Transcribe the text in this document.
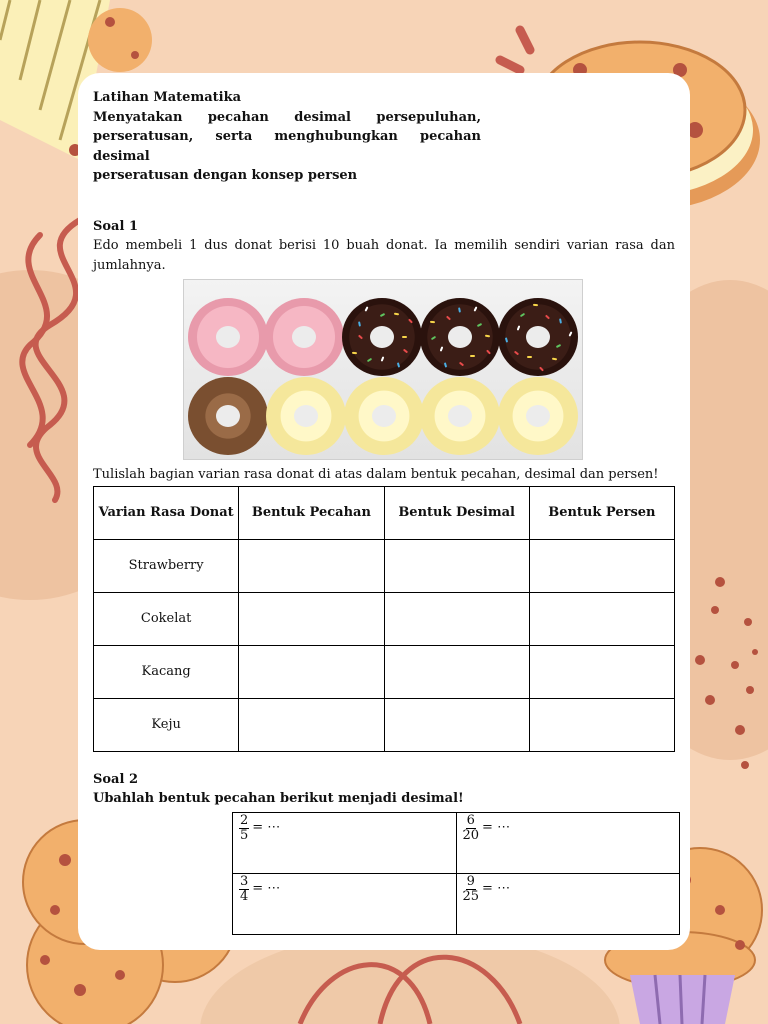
Latihan Matematika

Menyatakan pecahan desimal persepuluhan,

perseratusan, serta menghubungkan pecahan desimal

perseratusan dengan konsep persen

Soal 1

Edo membeli 1 dus donat berisi 10 buah donat. Ia memilih sendiri varian rasa dan jumlahnya.

Tulislah bagian varian rasa donat di atas dalam bentuk pecahan, desimal dan persen!

Varian Rasa Donat	Bentuk Pecahan	Bentuk Desimal	Bentuk Persen
Strawberry			
Cokelat			
Kacang			
Keju			

Soal 2

Ubahlah bentuk pecahan berikut menjadi desimal!

$\frac{2}{5}$ = ⋯	$\frac{6}{20}$ = ⋯

$\frac{3}{4}$ = ⋯	$\frac{9}{25}$ = ⋯
